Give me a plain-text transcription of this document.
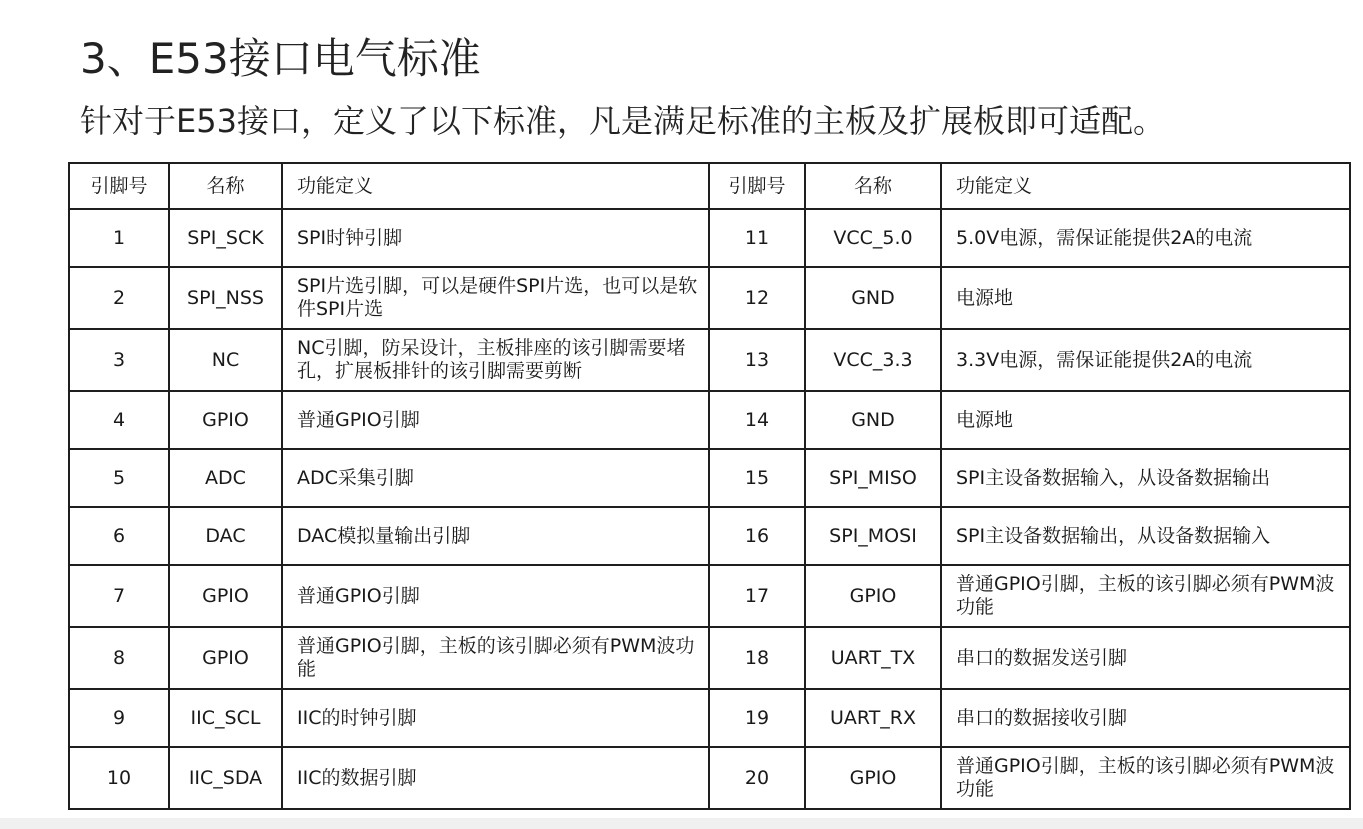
3、E53接口电气标准
针对于E53接口，定义了以下标准，凡是满足标准的主板及扩展板即可适配。
引脚号	名称	功能定义	引脚号	名称	功能定义
1	SPI_SCK	SPI时钟引脚	11	VCC_5.0	5.0V电源，需保证能提供2A的电流
2	SPI_NSS	SPI片选引脚，可以是硬件SPI片选，也可以是软件SPI片选	12	GND	电源地
3	NC	NC引脚，防呆设计，主板排座的该引脚需要堵孔，扩展板排针的该引脚需要剪断	13	VCC_3.3	3.3V电源，需保证能提供2A的电流
4	GPIO	普通GPIO引脚	14	GND	电源地
5	ADC	ADC采集引脚	15	SPI_MISO	SPI主设备数据输入，从设备数据输出
6	DAC	DAC模拟量输出引脚	16	SPI_MOSI	SPI主设备数据输出，从设备数据输入
7	GPIO	普通GPIO引脚	17	GPIO	普通GPIO引脚，主板的该引脚必须有PWM波功能
8	GPIO	普通GPIO引脚，主板的该引脚必须有PWM波功能	18	UART_TX	串口的数据发送引脚
9	IIC_SCL	IIC的时钟引脚	19	UART_RX	串口的数据接收引脚
10	IIC_SDA	IIC的数据引脚	20	GPIO	普通GPIO引脚，主板的该引脚必须有PWM波功能
